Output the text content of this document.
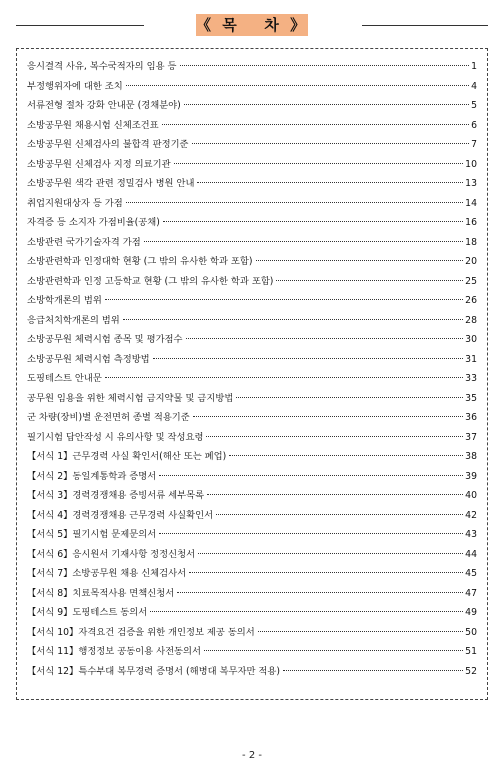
《 목   차 》
응시결격 사유, 복수국적자의 임용 등	1
부정행위자에 대한 조치	4
서류전형 절차 강화 안내문 (경채분야)	5
소방공무원 채용시험 신체조건표	6
소방공무원 신체검사의 불합격 판정기준	7
소방공무원 신체검사 지정 의료기관	10
소방공무원 색각 관련 정밀검사 병원 안내	13
취업지원대상자 등 가점	14
자격증 등 소지자 가점비율(공채)	16
소방관련 국가기술자격 가점	18
소방관련학과 인정대학 현황 (그 밖의 유사한 학과 포함)	20
소방관련학과 인정 고등학교 현황 (그 밖의 유사한 학과 포함)	25
소방학개론의 범위	26
응급처치학개론의 범위	28
소방공무원 체력시험 종목 및 평가점수	30
소방공무원 체력시험 측정방법	31
도핑테스트 안내문	33
공무원 임용을 위한 체력시험 금지약물 및 금지방법	35
군 차량(장비)별 운전면허 종별 적용기준	36
필기시험 답안작성 시 유의사항 및 작성요령	37
【서식 1】근무경력 사실 확인서(해산 또는 폐업)	38
【서식 2】동일계통학과 증명서	39
【서식 3】경력경쟁채용 증빙서류 세부목록	40
【서식 4】경력경쟁채용 근무경력 사실확인서	42
【서식 5】필기시험 문제문의서	43
【서식 6】응시원서 기재사항 정정신청서	44
【서식 7】소방공무원 채용 신체검사서	45
【서식 8】치료목적사용 면책신청서	47
【서식 9】도핑테스트 동의서	49
【서식 10】자격요건 검증을 위한 개인정보 제공 동의서	50
【서식 11】행정정보 공동이용 사전동의서	51
【서식 12】특수부대 복무경력 증명서 (해병대 복무자만 적용)	52
- 2 -
